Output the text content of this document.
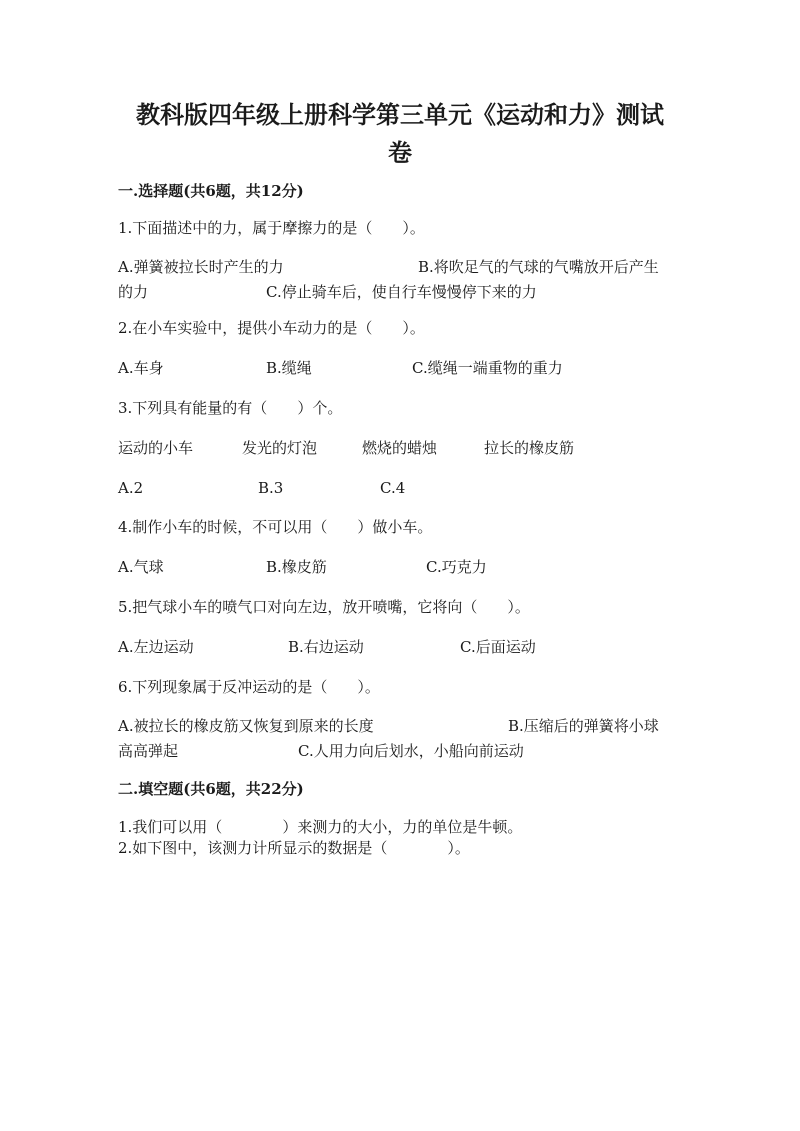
教科版四年级上册科学第三单元《运动和力》测试
卷
一.选择题(共6题，共12分)
1.下面描述中的力，属于摩擦力的是（　　）。
A.弹簧被拉长时产生的力	B.将吹足气的气球的气嘴放开后产生
的力	C.停止骑车后，使自行车慢慢停下来的力
2.在小车实验中，提供小车动力的是（　　）。
A.车身	B.缆绳	C.缆绳一端重物的重力
3.下列具有能量的有（　　）个。
运动的小车	发光的灯泡	燃烧的蜡烛	拉长的橡皮筋
A.2	B.3	C.4
4.制作小车的时候，不可以用（　　）做小车。
A.气球	B.橡皮筋	C.巧克力
5.把气球小车的喷气口对向左边，放开喷嘴，它将向（　　）。
A.左边运动	B.右边运动	C.后面运动
6.下列现象属于反冲运动的是（　　）。
A.被拉长的橡皮筋又恢复到原来的长度	B.压缩后的弹簧将小球
高高弹起	C.人用力向后划水，小船向前运动
二.填空题(共6题，共22分)
1.我们可以用（　　　　）来测力的大小，力的单位是牛顿。
2.如下图中，该测力计所显示的数据是（　　　　）。
